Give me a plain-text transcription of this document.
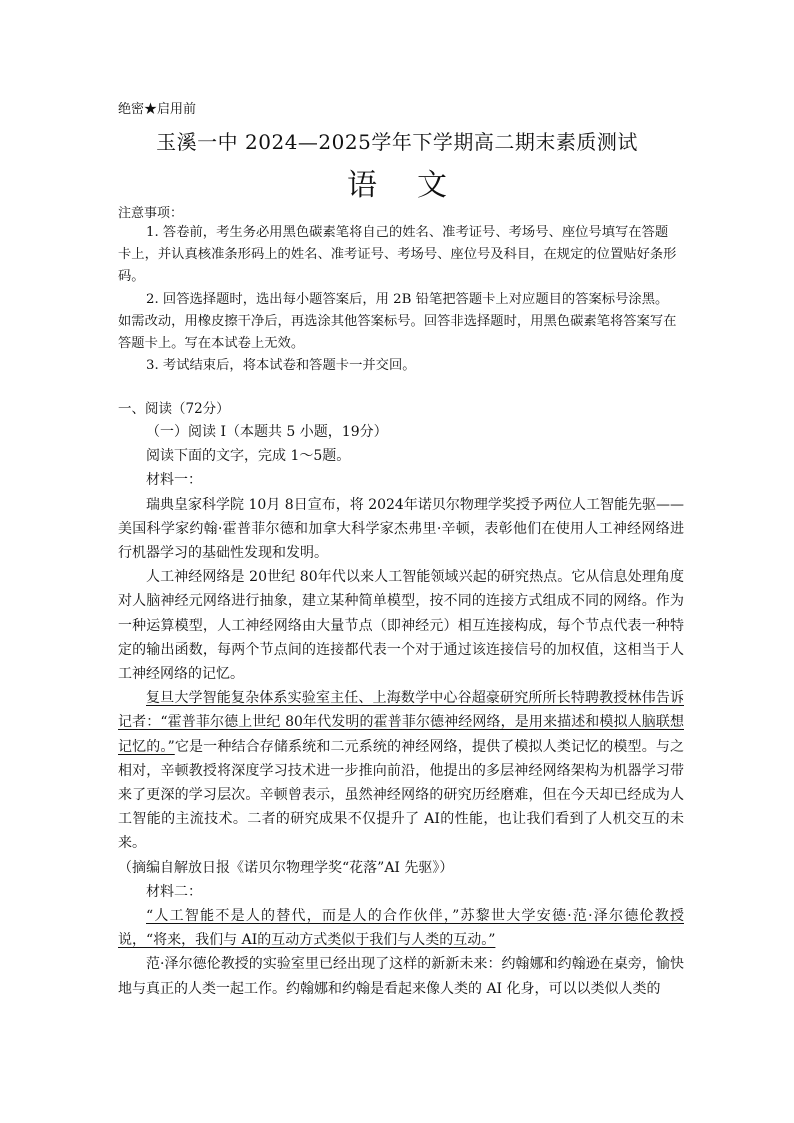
绝密★启用前
玉溪一中 2024—2025学年下学期高二期末素质测试
语文
注意事项：

1. 答卷前，考生务必用黑色碳素笔将自己的姓名、准考证号、考场号、座位号填写在答题卡上，并认真核准条形码上的姓名、准考证号、考场号、座位号及科目，在规定的位置贴好条形码。

2. 回答选择题时，选出每小题答案后，用 2B 铅笔把答题卡上对应题目的答案标号涂黑。如需改动，用橡皮擦干净后，再选涂其他答案标号。回答非选择题时，用黑色碳素笔将答案写在答题卡上。写在本试卷上无效。

3. 考试结束后，将本试卷和答题卡一并交回。

一、阅读（72分）

（一）阅读 I（本题共 5 小题，19分）

阅读下面的文字，完成 1～5题。

材料一：

瑞典皇家科学院 10月 8日宣布，将 2024年诺贝尔物理学奖授予两位人工智能先驱——美国科学家约翰·霍普菲尔德和加拿大科学家杰弗里·辛顿，表彰他们在使用人工神经网络进行机器学习的基础性发现和发明。

人工神经网络是 20世纪 80年代以来人工智能领域兴起的研究热点。它从信息处理角度对人脑神经元网络进行抽象，建立某种简单模型，按不同的连接方式组成不同的网络。作为一种运算模型，人工神经网络由大量节点（即神经元）相互连接构成，每个节点代表一种特定的输出函数，每两个节点间的连接都代表一个对于通过该连接信号的加权值，这相当于人工神经网络的记忆。

复旦大学智能复杂体系实验室主任、上海数学中心谷超豪研究所所长特聘教授林伟告诉记者：“霍普菲尔德上世纪 80年代发明的霍普菲尔德神经网络，是用来描述和模拟人脑联想记忆的。”它是一种结合存储系统和二元系统的神经网络，提供了模拟人类记忆的模型。与之相对，辛顿教授将深度学习技术进一步推向前沿，他提出的多层神经网络架构为机器学习带来了更深的学习层次。辛顿曾表示，虽然神经网络的研究历经磨难，但在今天却已经成为人工智能的主流技术。二者的研究成果不仅提升了 AI的性能，也让我们看到了人机交互的未来。

（摘编自解放日报《诺贝尔物理学奖“花落”AI 先驱》）

材料二：

“人工智能不是人的替代，而是人的合作伙伴，”苏黎世大学安德·范·泽尔德伦教授说，“将来，我们与 AI的互动方式类似于我们与人类的互动。”

范·泽尔德伦教授的实验室里已经出现了这样的新新未来：约翰娜和约翰逊在桌旁，愉快地与真正的人类一起工作。约翰娜和约翰是看起来像人类的 AI 化身，可以以类似人类的
